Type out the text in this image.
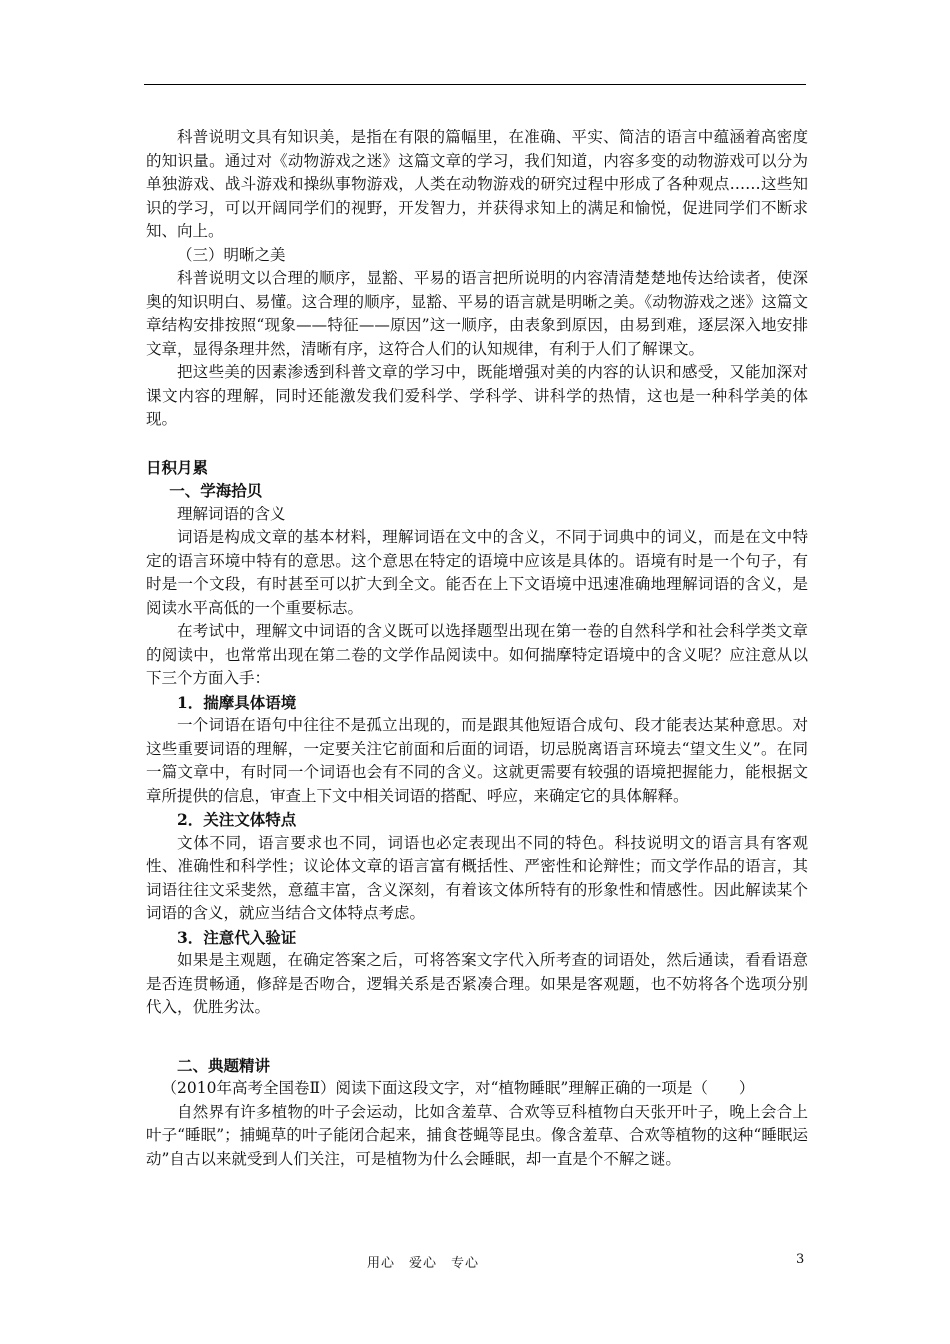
科普说明文具有知识美，是指在有限的篇幅里，在准确、平实、简洁的语言中蕴涵着高密度的知识量。通过对《动物游戏之迷》这篇文章的学习，我们知道，内容多变的动物游戏可以分为单独游戏、战斗游戏和操纵事物游戏，人类在动物游戏的研究过程中形成了各种观点……这些知识的学习，可以开阔同学们的视野，开发智力，并获得求知上的满足和愉悦，促进同学们不断求知、向上。

（三）明晰之美

科普说明文以合理的顺序，显豁、平易的语言把所说明的内容清清楚楚地传达给读者，使深奥的知识明白、易懂。这合理的顺序，显豁、平易的语言就是明晰之美。《动物游戏之迷》这篇文章结构安排按照“现象——特征——原因”这一顺序，由表象到原因，由易到难，逐层深入地安排文章，显得条理井然，清晰有序，这符合人们的认知规律，有利于人们了解课文。

把这些美的因素渗透到科普文章的学习中，既能增强对美的内容的认识和感受，又能加深对课文内容的理解，同时还能激发我们爱科学、学科学、讲科学的热情，这也是一种科学美的体现。

日积月累

一、学海拾贝

理解词语的含义

词语是构成文章的基本材料，理解词语在文中的含义，不同于词典中的词义，而是在文中特定的语言环境中特有的意思。这个意思在特定的语境中应该是具体的。语境有时是一个句子，有时是一个文段，有时甚至可以扩大到全文。能否在上下文语境中迅速准确地理解词语的含义，是阅读水平高低的一个重要标志。

在考试中，理解文中词语的含义既可以选择题型出现在第一卷的自然科学和社会科学类文章的阅读中，也常常出现在第二卷的文学作品阅读中。如何揣摩特定语境中的含义呢？应注意从以下三个方面入手：

1．揣摩具体语境

一个词语在语句中往往不是孤立出现的，而是跟其他短语合成句、段才能表达某种意思。对这些重要词语的理解，一定要关注它前面和后面的词语，切忌脱离语言环境去“望文生义”。在同一篇文章中，有时同一个词语也会有不同的含义。这就更需要有较强的语境把握能力，能根据文章所提供的信息，审查上下文中相关词语的搭配、呼应，来确定它的具体解释。

2．关注文体特点

文体不同，语言要求也不同，词语也必定表现出不同的特色。科技说明文的语言具有客观性、准确性和科学性；议论体文章的语言富有概括性、严密性和论辩性；而文学作品的语言，其词语往往文采斐然，意蕴丰富，含义深刻，有着该文体所特有的形象性和情感性。因此解读某个词语的含义，就应当结合文体特点考虑。

3．注意代入验证

如果是主观题，在确定答案之后，可将答案文字代入所考查的词语处，然后通读，看看语意是否连贯畅通，修辞是否吻合，逻辑关系是否紧凑合理。如果是客观题，也不妨将各个选项分别代入，优胜劣汰。

二、典题精讲

（2010年高考全国卷Ⅱ）阅读下面这段文字，对“植物睡眠”理解正确的一项是（　　）

自然界有许多植物的叶子会运动，比如含羞草、合欢等豆科植物白天张开叶子，晚上会合上叶子“睡眠”；捕蝇草的叶子能闭合起来，捕食苍蝇等昆虫。像含羞草、合欢等植物的这种“睡眠运动”自古以来就受到人们关注，可是植物为什么会睡眠，却一直是个不解之谜。

用心　爱心　专心	3
